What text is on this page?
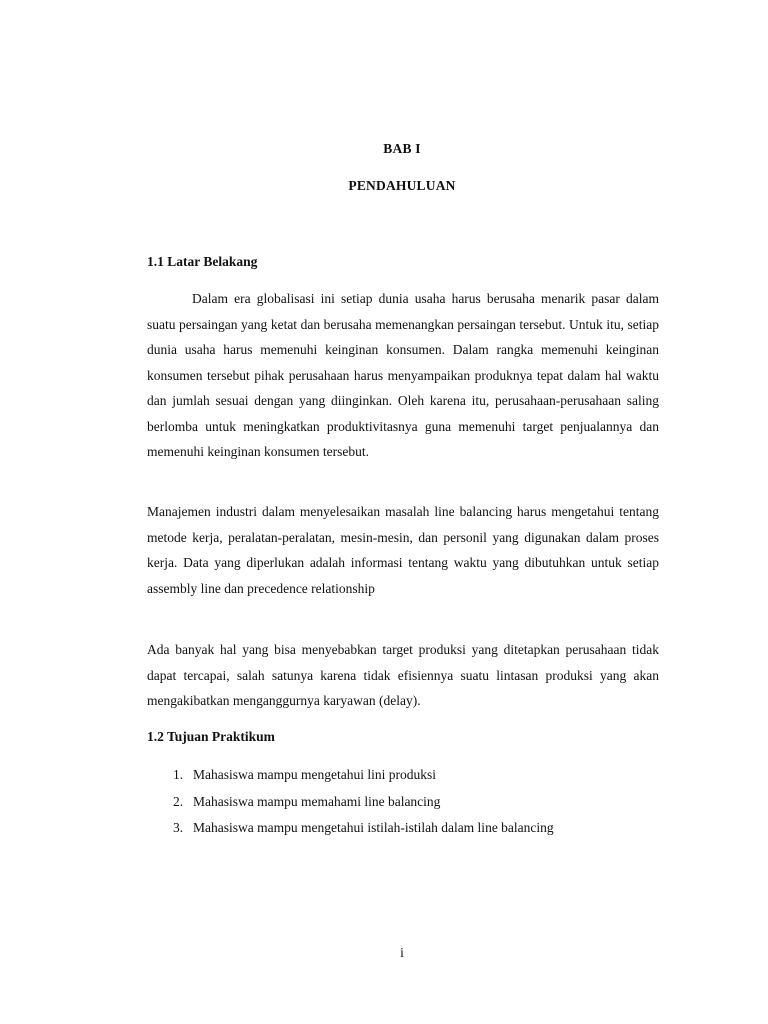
BAB I
PENDAHULUAN
1.1 Latar Belakang

Dalam era globalisasi ini setiap dunia usaha harus berusaha menarik pasar dalam suatu persaingan yang ketat dan berusaha memenangkan persaingan tersebut. Untuk itu, setiap dunia usaha harus memenuhi keinginan konsumen. Dalam rangka memenuhi keinginan konsumen tersebut pihak perusahaan harus menyampaikan produknya tepat dalam hal waktu dan jumlah sesuai dengan yang diinginkan. Oleh karena itu, perusahaan-perusahaan saling berlomba untuk meningkatkan produktivitasnya guna memenuhi target penjualannya dan memenuhi keinginan konsumen tersebut.

Manajemen industri dalam menyelesaikan masalah line balancing harus mengetahui tentang metode kerja, peralatan-peralatan, mesin-mesin, dan personil yang digunakan dalam proses kerja. Data yang diperlukan adalah informasi tentang waktu yang dibutuhkan untuk setiap assembly line dan precedence relationship

Ada banyak hal yang bisa menyebabkan target produksi yang ditetapkan perusahaan tidak dapat tercapai, salah satunya karena tidak efisiennya suatu lintasan produksi yang akan mengakibatkan menganggurnya karyawan (delay).

1.2 Tujuan Praktikum
1. Mahasiswa mampu mengetahui lini produksi
2. Mahasiswa mampu memahami line balancing
3. Mahasiswa mampu mengetahui istilah-istilah dalam line balancing
i
